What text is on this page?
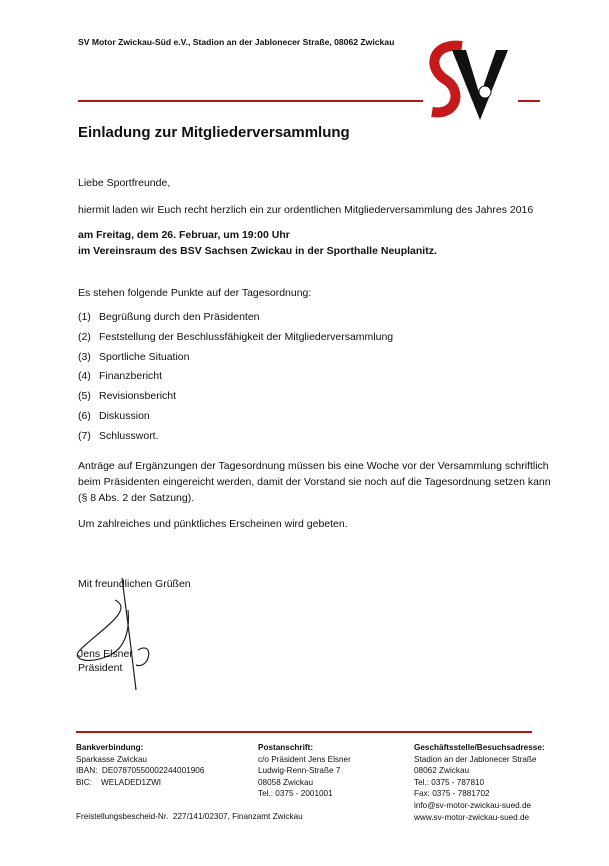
SV Motor Zwickau-Süd e.V., Stadion an der Jablonecer Straße, 08062 Zwickau
Einladung zur Mitgliederversammlung
Liebe Sportfreunde,
hiermit laden wir Euch recht herzlich ein zur ordentlichen Mitgliederversammlung des Jahres 2016
am Freitag, dem 26. Februar, um 19:00 Uhr
im Vereinsraum des BSV Sachsen Zwickau in der Sporthalle Neuplanitz.
Es stehen folgende Punkte auf der Tagesordnung:
(1) Begrüßung durch den Präsidenten
(2) Feststellung der Beschlussfähigkeit der Mitgliederversammlung
(3) Sportliche Situation
(4) Finanzbericht
(5) Revisionsbericht
(6) Diskussion
(7) Schlusswort.
Anträge auf Ergänzungen der Tagesordnung müssen bis eine Woche vor der Versammlung schriftlich
beim Präsidenten eingereicht werden, damit der Vorstand sie noch auf die Tagesordnung setzen kann
(§ 8 Abs. 2 der Satzung).
Um zahlreiches und pünktliches Erscheinen wird gebeten.
Mit freundlichen Grüßen
Jens Elsner
Präsident
Bankverbindung:
Sparkasse Zwickau
IBAN:  DE07870550002244001906
BIC:    WELADED1ZWI
Postanschrift:
c/o Präsident Jens Elsner
Ludwig-Renn-Straße 7
08058 Zwickau
Tel.: 0375 - 2001001
Geschäftsstelle/Besuchsadresse:
Stadion an der Jablonecer Straße
08062 Zwickau
Tel.: 0375 - 787810
Fax: 0375 - 7881702
info@sv-motor-zwickau-sued.de
www.sv-motor-zwickau-sued.de
Freistellungsbescheid-Nr.  227/141/02307, Finanzamt Zwickau
